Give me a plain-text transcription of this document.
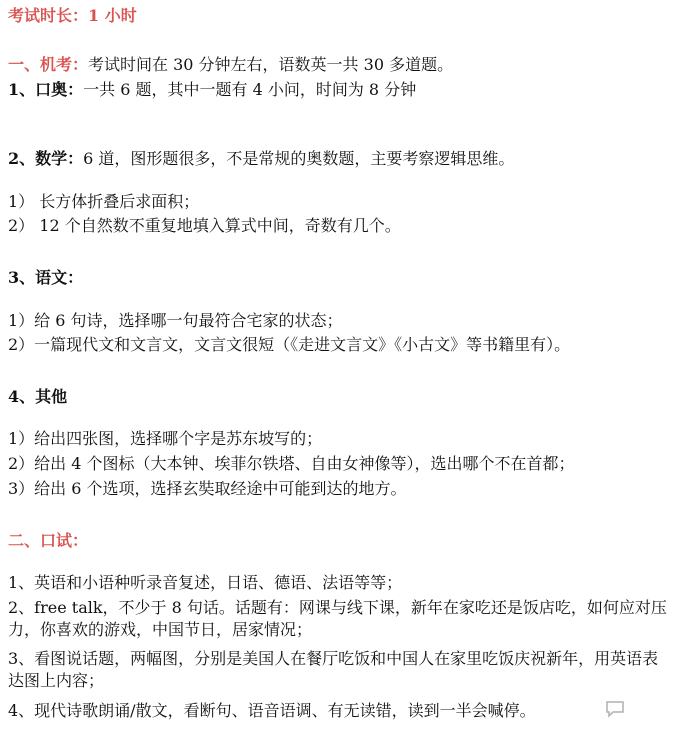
考试时长：1 小时
一、机考：考试时间在 30 分钟左右，语数英一共 30 多道题。
1、口奥：一共 6 题，其中一题有 4 小问，时间为 8 分钟
2、数学：6 道，图形题很多，不是常规的奥数题，主要考察逻辑思维。
1） 长方体折叠后求面积；
2） 12 个自然数不重复地填入算式中间，奇数有几个。
3、语文：
1）给 6 句诗，选择哪一句最符合宅家的状态；
2）一篇现代文和文言文，文言文很短（《走进文言文》《小古文》等书籍里有）。
4、其他
1）给出四张图，选择哪个字是苏东坡写的；
2）给出 4 个图标（大本钟、埃菲尔铁塔、自由女神像等），选出哪个不在首都；
3）给出 6 个选项，选择玄奘取经途中可能到达的地方。
二、口试：
1、英语和小语种听录音复述，日语、德语、法语等等；
2、free talk，不少于 8 句话。话题有：网课与线下课，新年在家吃还是饭店吃，如何应对压力，你喜欢的游戏，中国节日，居家情况；
3、看图说话题，两幅图，分别是美国人在餐厅吃饭和中国人在家里吃饭庆祝新年，用英语表达图上内容；
4、现代诗歌朗诵/散文，看断句、语音语调、有无读错，读到一半会喊停。
